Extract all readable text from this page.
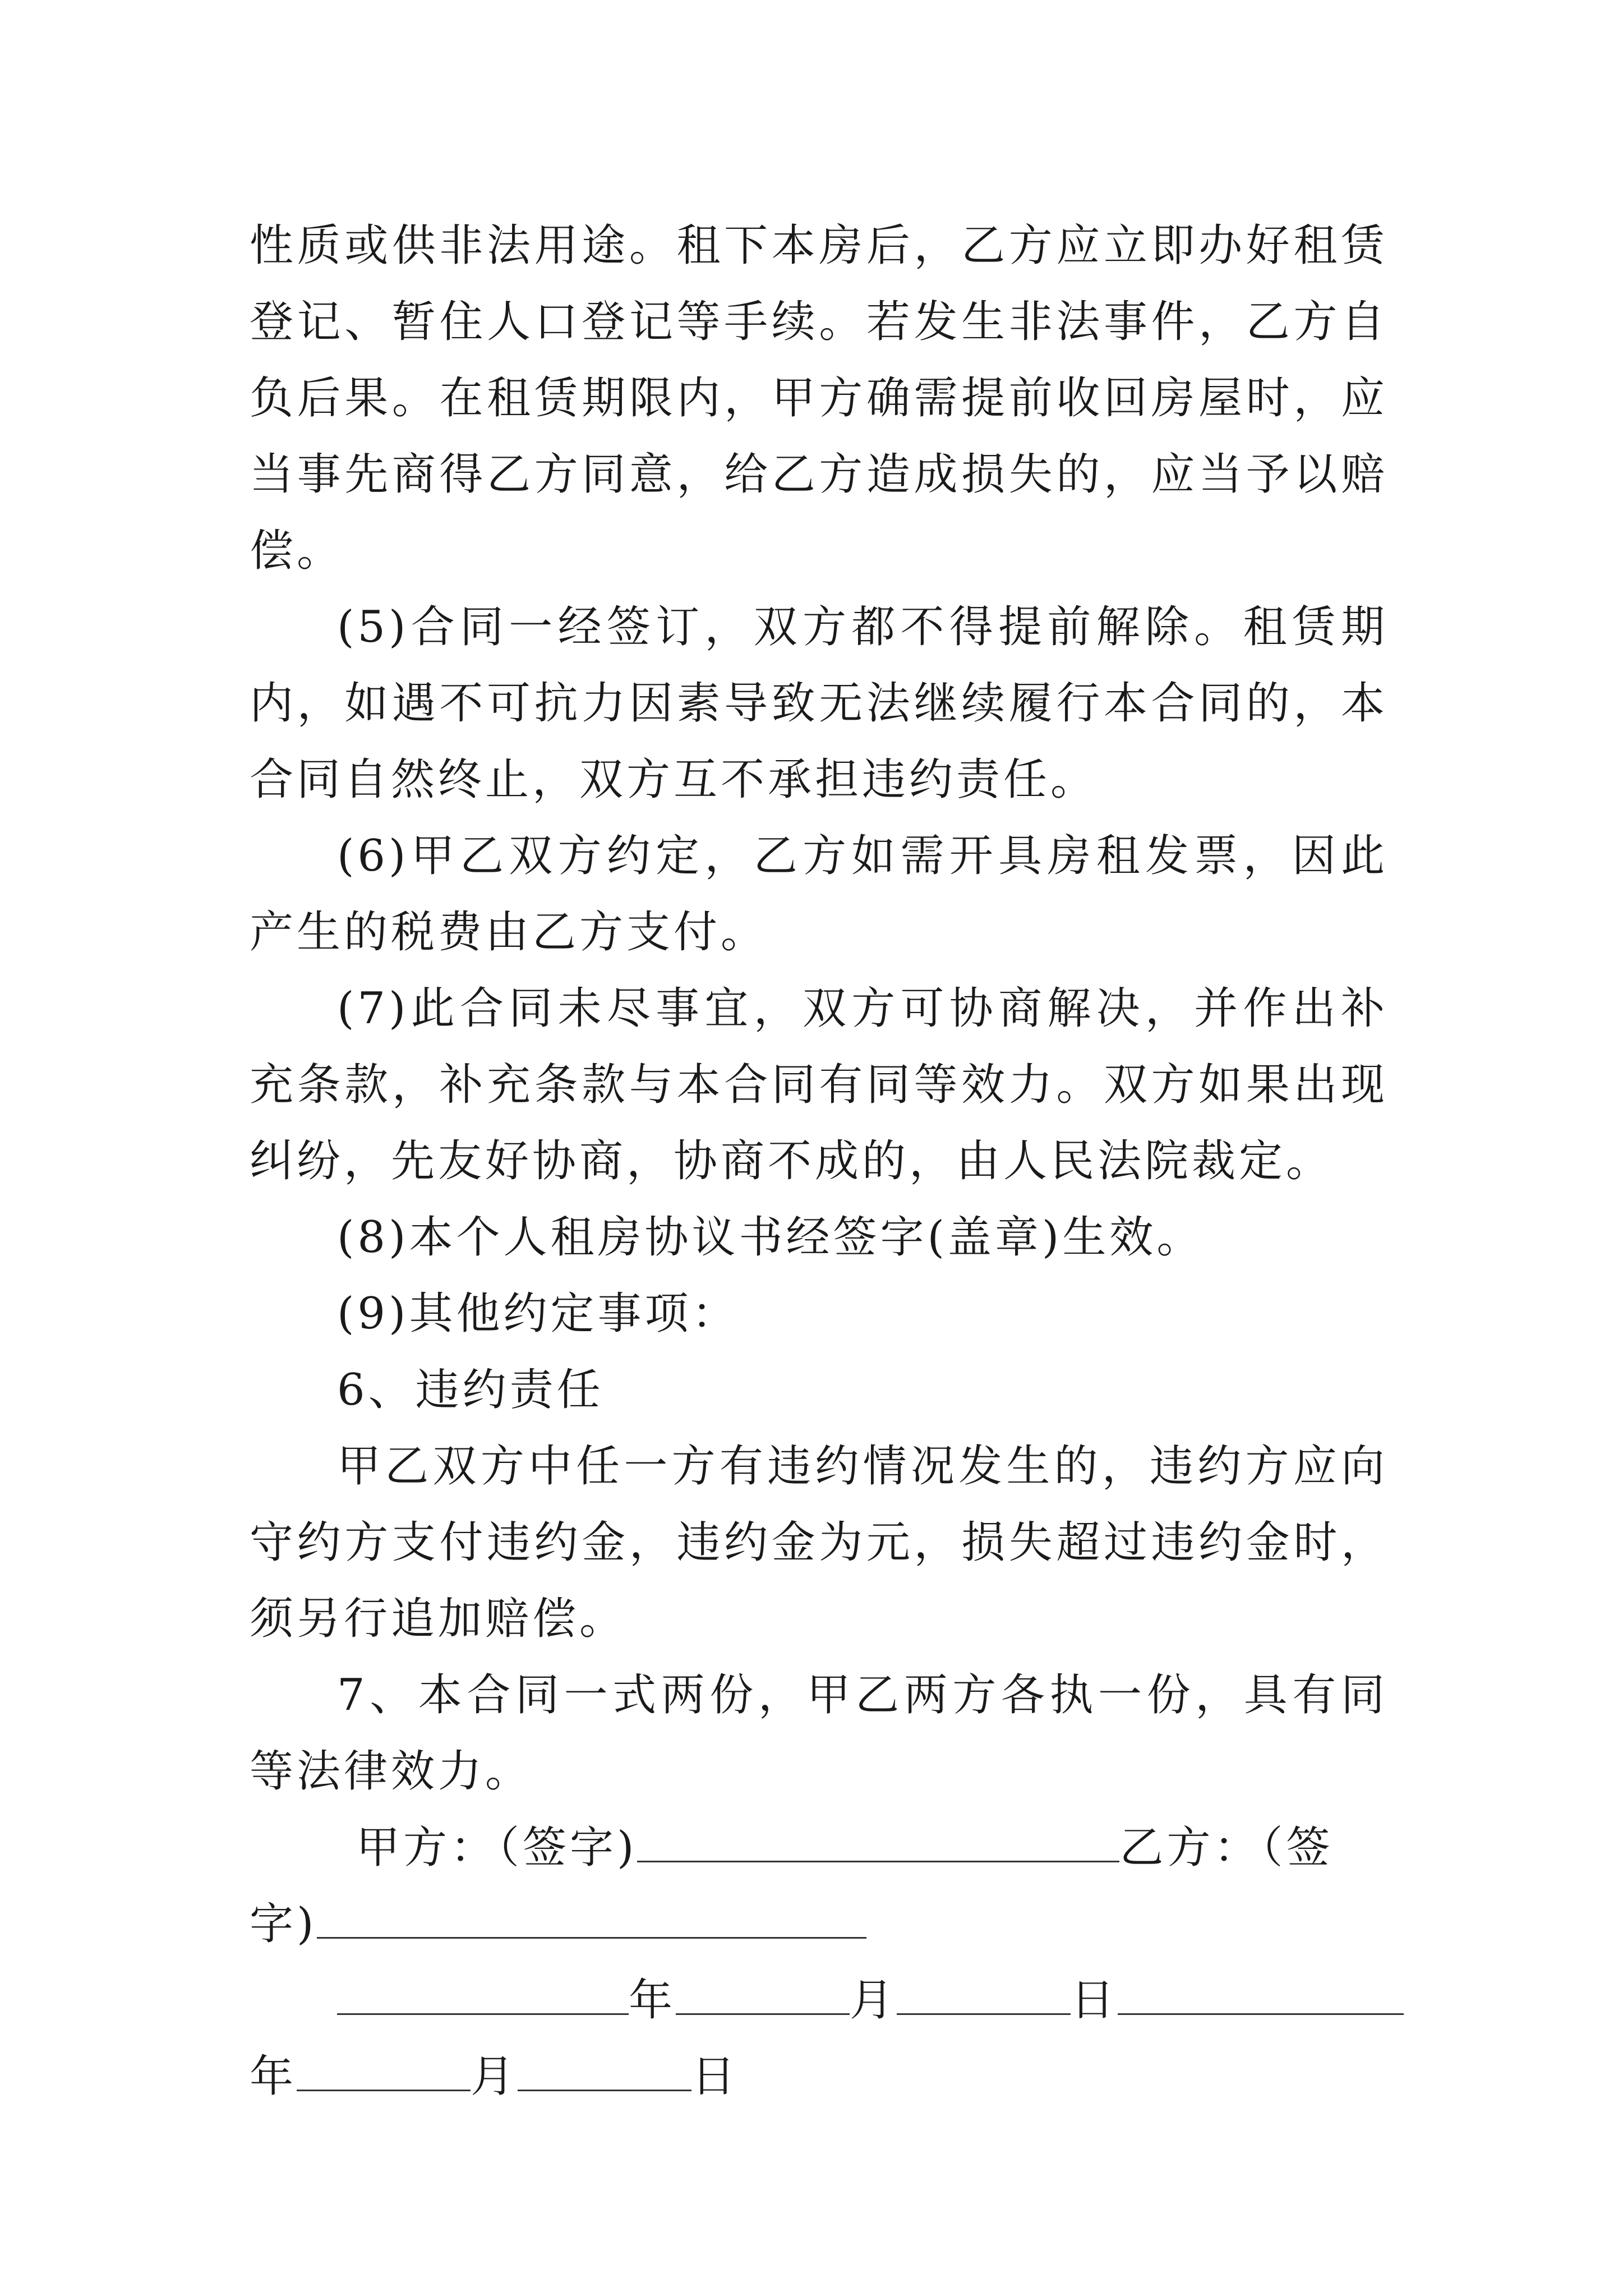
性质或供非法用途。租下本房后，乙方应立即办好租赁登记、暂住人口登记等手续。若发生非法事件，乙方自负后果。在租赁期限内，甲方确需提前收回房屋时，应当事先商得乙方同意，给乙方造成损失的，应当予以赔偿。

(5)合同一经签订，双方都不得提前解除。租赁期内，如遇不可抗力因素导致无法继续履行本合同的，本合同自然终止，双方互不承担违约责任。

(6)甲乙双方约定，乙方如需开具房租发票，因此产生的税费由乙方支付。

(7)此合同未尽事宜，双方可协商解决，并作出补充条款，补充条款与本合同有同等效力。双方如果出现纠纷，先友好协商，协商不成的，由人民法院裁定。

(8)本个人租房协议书经签字(盖章)生效。

(9)其他约定事项：

6、违约责任

甲乙双方中任一方有违约情况发生的，违约方应向守约方支付违约金，违约金为元，损失超过违约金时，须另行追加赔偿。

7、本合同一式两份，甲乙两方各执一份，具有同等法律效力。

甲方：（签字)	乙方：（签

字)

年	月	日

年	月	日
